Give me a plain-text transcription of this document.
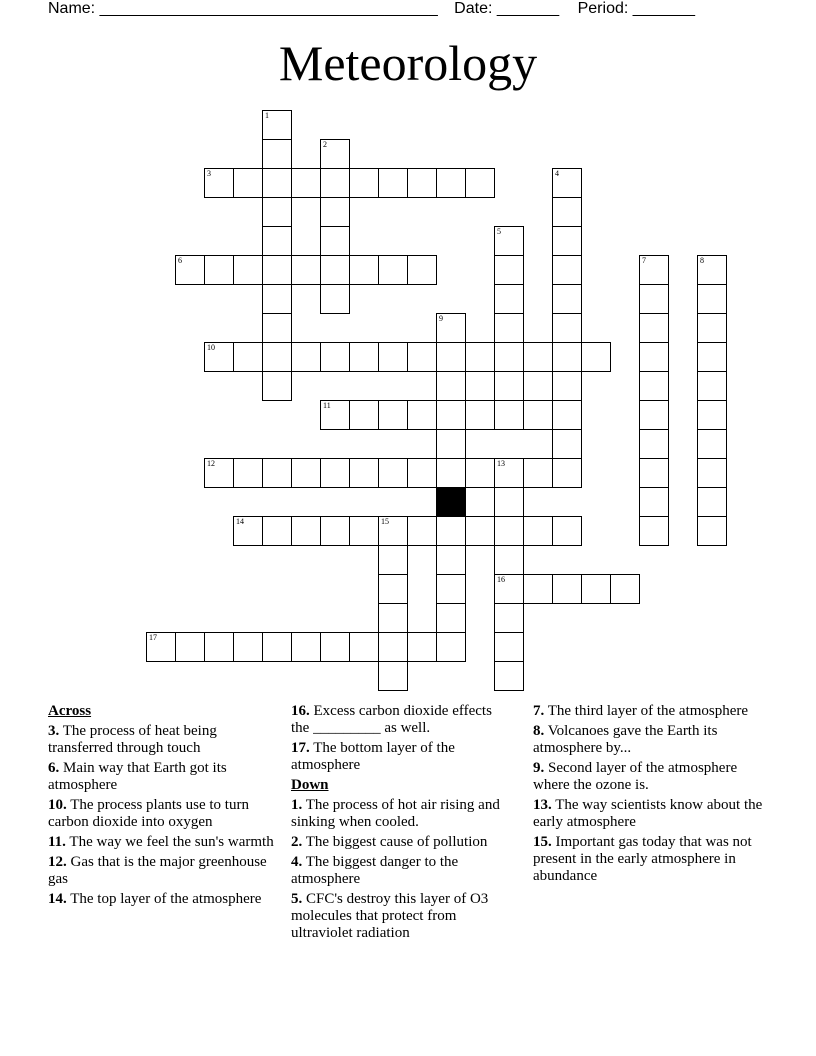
Name: ______________________________________ Date: _______ Period: _______
Meteorology
3
6
10
11
12	13
14	15
16
17
1
2
4
5
7	8
9
Across
3. The process of heat being transferred through touch
6. Main way that Earth got its atmosphere
10. The process plants use to turn carbon dioxide into oxygen
11. The way we feel the sun's warmth
12. Gas that is the major greenhouse gas
14. The top layer of the atmosphere
16. Excess carbon dioxide effects the _________ as well.
17. The bottom layer of the atmosphere
Down
1. The process of hot air rising and sinking when cooled.
2. The biggest cause of pollution
4. The biggest danger to the atmosphere
5. CFC's destroy this layer of O3 molecules that protect from ultraviolet radiation
7. The third layer of the atmosphere
8. Volcanoes gave the Earth its atmosphere by...
9. Second layer of the atmosphere where the ozone is.
13. The way scientists know about the early atmosphere
15. Important gas today that was not present in the early atmosphere in abundance
